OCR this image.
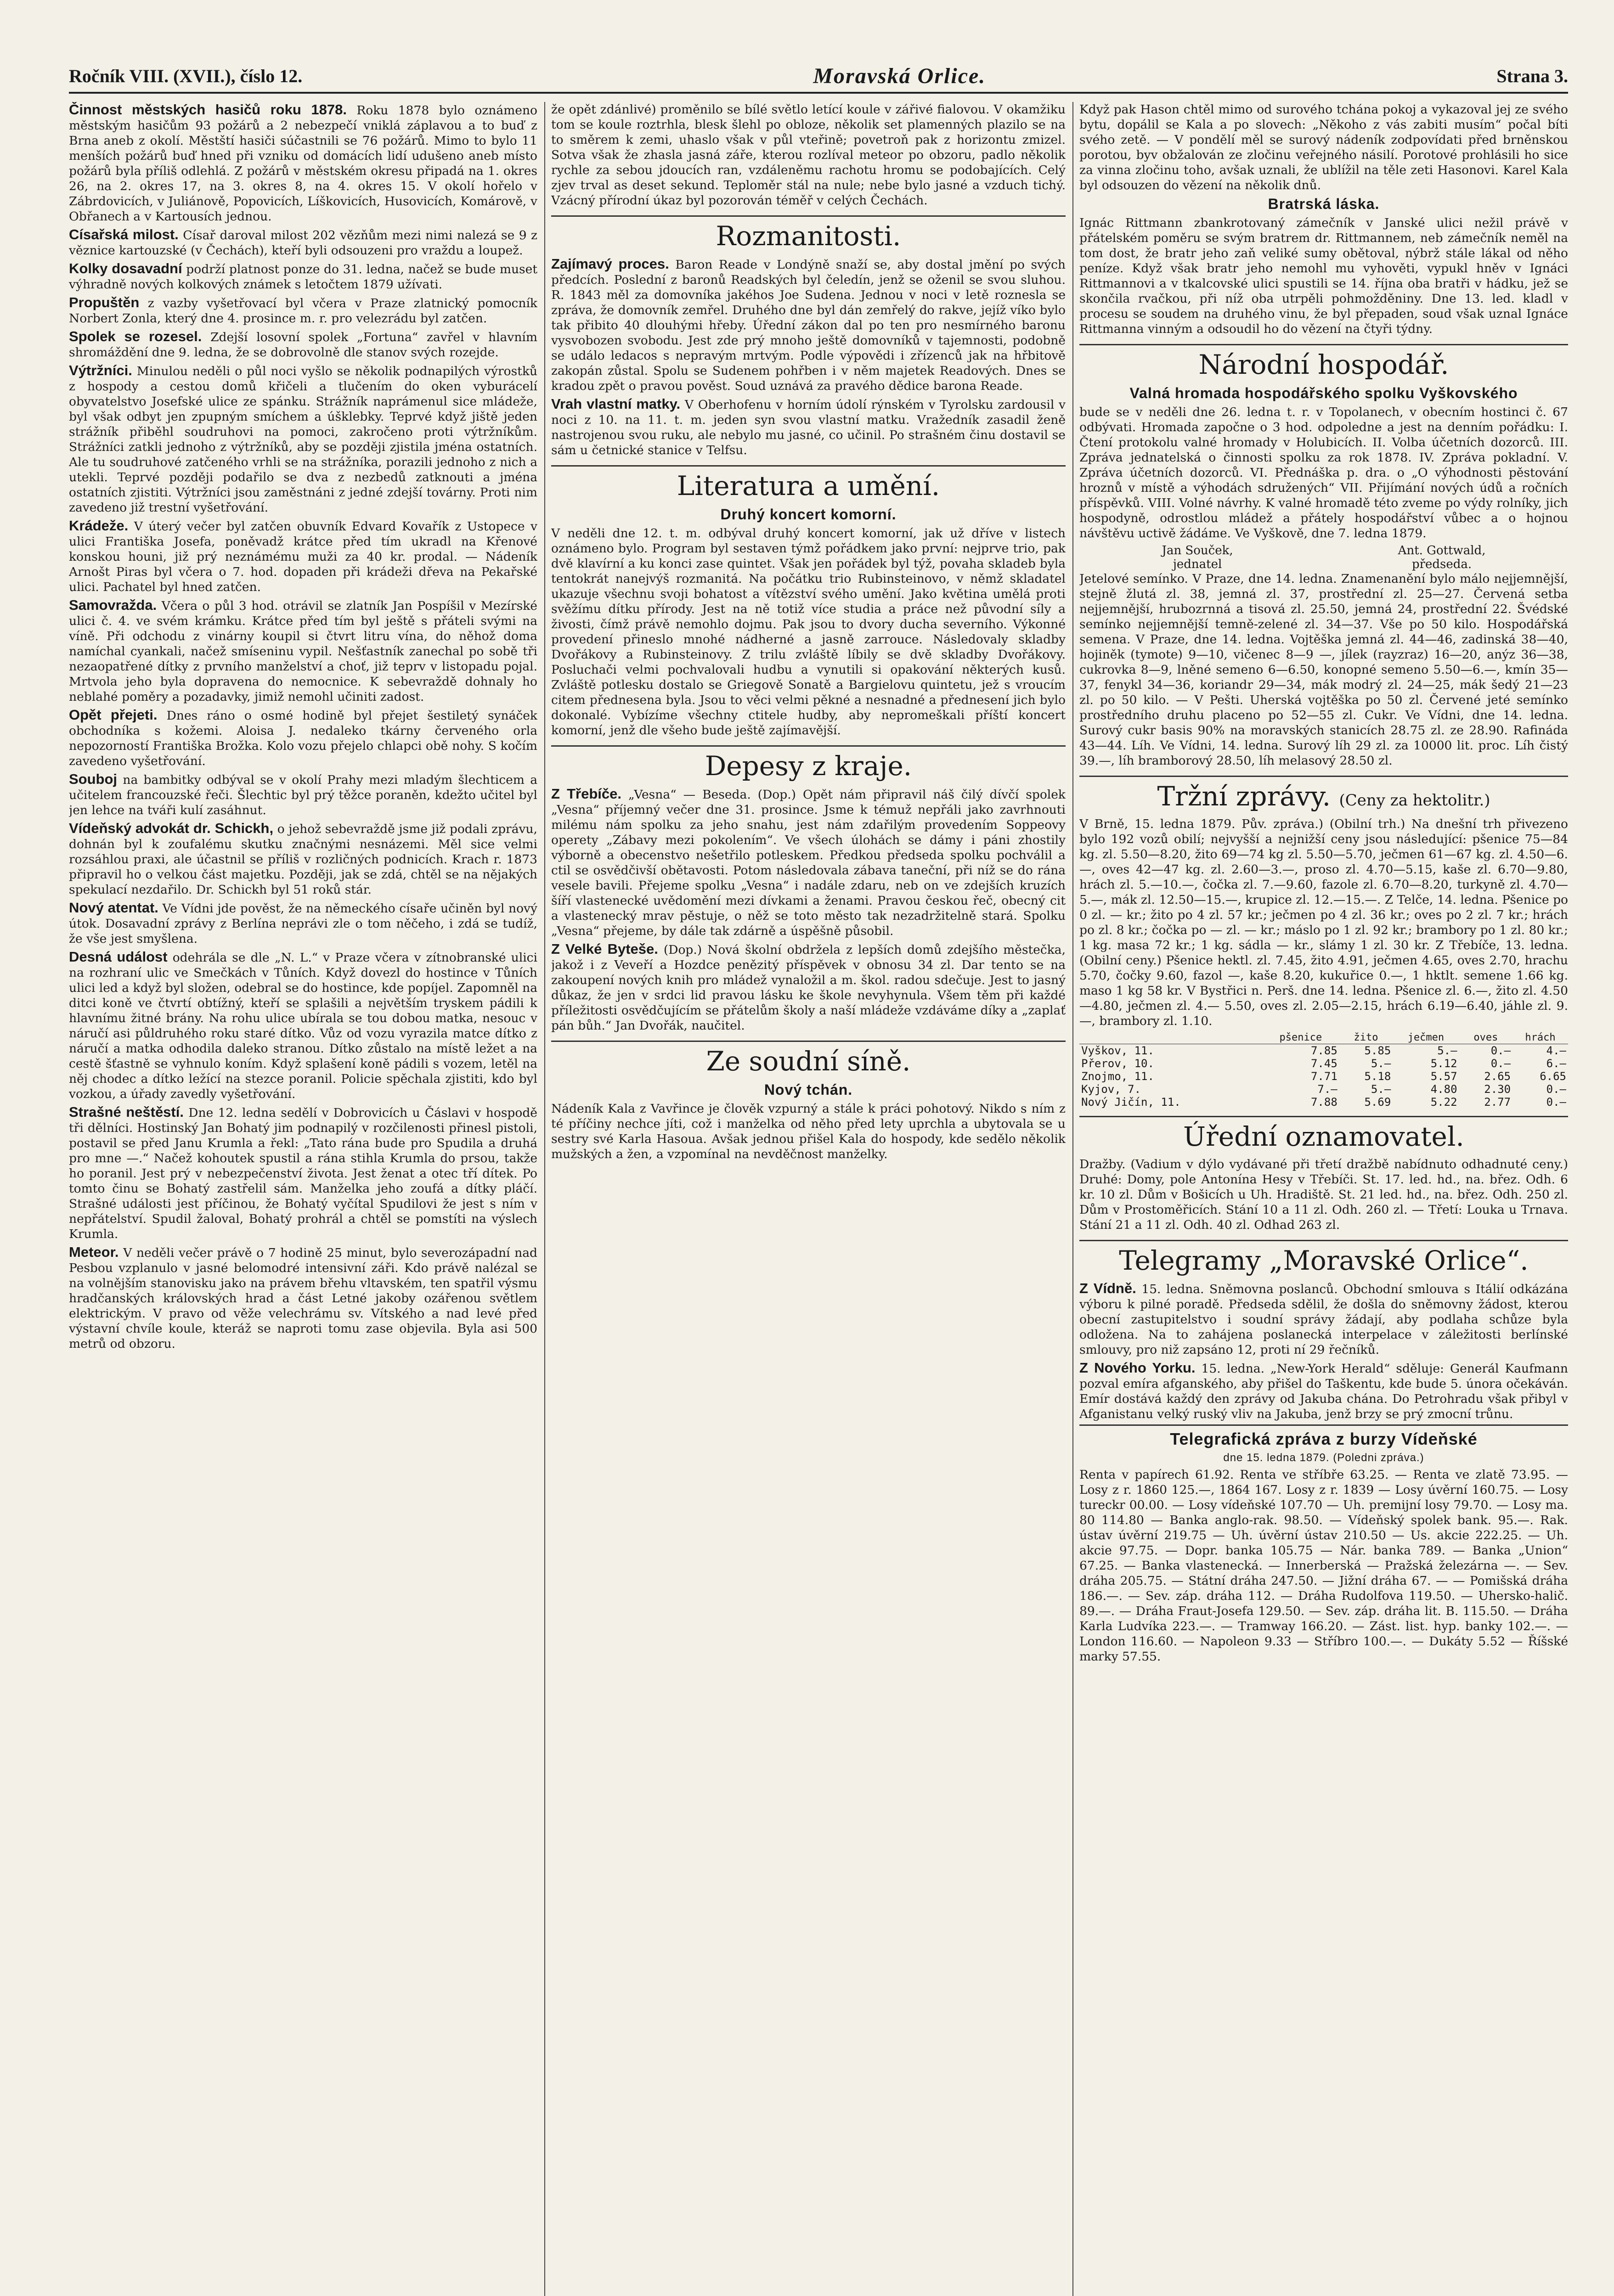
Ročník VIII. (XVII.), číslo 12.	Moravská Orlice.	Strana 3.

Činnost městských hasičů roku 1878. Roku 1878 bylo oznámeno městským hasičům 93 požárů a 2 nebezpečí vniklá záplavou a to buď z Brna aneb z okolí. Městští hasiči súčastnili se 76 požárů. Mimo to bylo 11 menších požárů buď hned při vzniku od domácích lidí udušeno aneb místo požárů byla příliš odlehlá. Z požárů v městském okresu připadá na 1. okres 26, na 2. okres 17, na 3. okres 8, na 4. okres 15. V okolí hořelo v Zábrdovicích, v Juliánově, Popovicích, Líškovicích, Husovicích, Komárově, v Obřanech a v Kartousích jednou.

Císařská milost. Císař daroval milost 202 vězňům mezi nimi nalezá se 9 z věznice kartouzské (v Čechách), kteří byli odsouzeni pro vraždu a loupež.

Kolky dosavadní podrží platnost ponze do 31. ledna, načež se bude muset výhradně nových kolkových známek s letočtem 1879 užívati.

Propuštěn z vazby vyšetřovací byl včera v Praze zlatnický pomocník Norbert Zonla, který dne 4. prosince m. r. pro velezrádu byl zatčen.

Spolek se rozesel. Zdejší losovní spolek „Fortuna“ zavřel v hlavním shromáždění dne 9. ledna, že se dobrovolně dle stanov svých rozejde.

Výtržníci. Minulou neděli o půl noci vyšlo se několik podnapilých výrostků z hospody a cestou domů křičeli a tlučením do oken vyburácelí obyvatelstvo Josefské ulice ze spánku. Strážník naprámenul sice mládeže, byl však odbyt jen zpupným smíchem a úšklebky. Teprvé když jiště jeden strážník přiběhl soudruhovi na pomoci, zakročeno proti výtržníkům. Strážníci zatkli jednoho z výtržníků, aby se později zjistila jména ostatních. Ale tu soudruhové zatčeného vrhli se na strážníka, porazili jednoho z nich a utekli. Teprvé později podařilo se dva z nezbedů zatknouti a jména ostatních zjistiti. Výtržníci jsou zaměstnáni z jedné zdejší továrny. Proti nim zavedeno již trestní vyšetřování.

Krádeže. V úterý večer byl zatčen obuvník Edvard Kovařík z Ustopece v ulici Františka Josefa, poněvadž krátce před tím ukradl na Křenové konskou houni, již prý neznámému muži za 40 kr. prodal. — Nádeník Arnošt Piras byl včera o 7. hod. dopaden při krádeži dřeva na Pekařské ulici. Pachatel byl hned zatčen.

Samovražda. Včera o půl 3 hod. otrávil se zlatník Jan Pospíšil v Mezírské ulici č. 4. ve svém krámku. Krátce před tím byl ještě s přáteli svými na víně. Při odchodu z vinárny koupil si čtvrt litru vína, do něhož doma namíchal cyankali, načež smíseninu vypil. Nešťastník zanechal po sobě tři nezaopatřené dítky z prvního manželství a choť, již teprv v listopadu pojal. Mrtvola jeho byla dopravena do nemocnice. K sebevraždě dohnaly ho neblahé poměry a pozadavky, jimiž nemohl učiniti zadost.

Opět přejeti. Dnes ráno o osmé hodině byl přejet šestiletý synáček obchodníka s kožemi. Aloisa J. nedaleko tkárny červeného orla nepozorností Františka Brožka. Kolo vozu přejelo chlapci obě nohy. S kočím zavedeno vyšetřování.

Souboj na bambitky odbýval se v okolí Prahy mezi mladým šlechticem a učitelem francouzské řeči. Šlechtic byl prý těžce poraněn, kdežto učitel byl jen lehce na tváři kulí zasáhnut.

Vídeňský advokát dr. Schickh, o jehož sebevraždě jsme již podali zprávu, dohnán byl k zoufalému skutku značnými nesnázemi. Měl sice velmi rozsáhlou praxi, ale účastnil se příliš v rozličných podnicích. Krach r. 1873 připravil ho o velkou část majetku. Později, jak se zdá, chtěl se na nějakých spekulací nezdařilo. Dr. Schickh byl 51 roků stár.

Nový atentat. Ve Vídni jde pověst, že na německého císaře učiněn byl nový útok. Dosavadní zprávy z Berlína neprávi zle o tom něčeho, i zdá se tudíž, že vše jest smyšlena.

Desná událost odehrála se dle „N. L.“ v Praze včera v zítnobranské ulici na rozhraní ulic ve Smečkách v Tůních. Když dovezl do hostince v Tůních ulici led a když byl složen, odebral se do hostince, kde popíjel. Zapomněl na ditci koně ve čtvrtí obtížný, kteří se splašili a největším tryskem pádili k hlavnímu žitné brány. Na rohu ulice ubírala se tou dobou matka, nesouc v náručí asi půldruhého roku staré dítko. Vůz od vozu vyrazila matce dítko z náručí a matka odhodila daleko stranou. Dítko zůstalo na místě ležet a na cestě šťastně se vyhnulo koním. Když splašení koně pádili s vozem, letěl na něj chodec a dítko ležící na stezce poranil. Policie spěchala zjistiti, kdo byl vozkou, a úřady zavedly vyšetřování.

Strašné neštěstí. Dne 12. ledna sedělí v Dobrovicích u Čáslavi v hospodě tři dělníci. Hostinský Jan Bohatý jim podnapilý v rozčilenosti přinesl pistoli, postavil se před Janu Krumla a řekl: „Tato rána bude pro Spudila a druhá pro mne —.“ Načež kohoutek spustil a rána stihla Krumla do prsou, takže ho poranil. Jest prý v nebezpečenství života. Jest ženat a otec tří dítek. Po tomto činu se Bohatý zastřelil sám. Manželka jeho zoufá a dítky pláčí. Strašné události jest příčinou, že Bohatý vyčítal Spudilovi že jest s ním v nepřátelství. Spudil žaloval, Bohatý prohrál a chtěl se pomstíti na výslech Krumla.

Meteor. V neděli večer právě o 7 hodině 25 minut, bylo severozápadní nad Pesbou vzplanulo v jasné belomodré intensivní záři. Kdo právě nalézal se na volnějším stanovisku jako na právem břehu vltavském, ten spatřil výsmu hradčanských královských hrad a část Letné jakoby ozářenou světlem elektrickým. V pravo od věže velechrámu sv. Vítského a nad levé před výstavní chvíle koule, kteráž se naproti tomu zase objevila. Byla asi 500 metrů od obzoru.

že opět zdánlivé) proměnilo se bílé světlo letící koule v zářivé fialovou. V okamžiku tom se koule roztrhla, blesk šlehl po obloze, několik set plamenných plazilo se na to směrem k zemi, uhaslo však v půl vteřině; povetroň pak z horizontu zmizel. Sotva však že zhasla jasná záře, kterou rozlíval meteor po obzoru, padlo několik rychle za sebou jdoucích ran, vzdáleněmu rachotu hromu se podobajících. Celý zjev trval as deset sekund. Teploměr stál na nule; nebe bylo jasné a vzduch tichý. Vzácný přírodní úkaz byl pozorován téměř v celých Čechách.

Rozmanitosti.

Zajímavý proces. Baron Reade v Londýně snaží se, aby dostal jmění po svých předcích. Poslední z baronů Readských byl čeledín, jenž se oženil se svou sluhou. R. 1843 měl za domovníka jakéhos Joe Sudena. Jednou v noci v letě roznesla se zpráva, že domovník zemřel. Druhého dne byl dán zemřelý do rakve, jejíž víko bylo tak přibito 40 dlouhými hřeby. Úřední zákon dal po ten pro nesmírného baronu vysvobozen svobodu. Jest zde prý mnoho ještě domovníků v tajemnosti, podobně se událo ledacos s nepravým mrtvým. Podle výpovědi i zřízenců jak na hřbitově zakopán zůstal. Spolu se Sudenem pohřben i v něm majetek Readových. Dnes se kradou zpět o pravou pověst. Soud uznává za pravého dědice barona Reade.

Vrah vlastní matky. V Oberhofenu v horním údolí rýnském v Tyrolsku zardousil v noci z 10. na 11. t. m. jeden syn svou vlastní matku. Vražedník zasadil ženě nastrojenou svou ruku, ale nebylo mu jasné, co učinil. Po strašném činu dostavil se sám u četnické stanice v Telfsu.

Literatura a umění.
Druhý koncert komorní.

V neděli dne 12. t. m. odbýval druhý koncert komorní, jak už dříve v listech oznámeno bylo. Program byl sestaven týmž pořádkem jako první: nejprve trio, pak dvě klavírní a ku konci zase quintet. Však jen pořádek byl týž, povaha skladeb byla tentokrát nanejvýš rozmanitá. Na počátku trio Rubinsteinovo, v němž skladatel ukazuje všechnu svoji bohatost a vítězství svého umění. Jako květina umělá proti svěžímu dítku přírody. Jest na ně totiž více studia a práce než původní síly a živosti, čímž právě nemohlo dojmu. Pak jsou to dvory ducha severního. Výkonné provedení přineslo mnohé nádherné a jasně zarrouce. Následovaly skladby Dvořákovy a Rubinsteinovy. Z trilu zvláště líbily se dvě skladby Dvořákovy. Posluchači velmi pochvalovali hudbu a vynutili si opakování některých kusů. Zvláště potlesku dostalo se Griegově Sonatě a Bargielovu quintetu, jež s vroucím citem přednesena byla. Jsou to věci velmi pěkné a nesnadné a přednesení jich bylo dokonalé. Vybízíme všechny ctitele hudby, aby nepromeškali příští koncert komorní, jenž dle všeho bude ještě zajímavější.

Depesy z kraje.

Z Třebíče. „Vesna“ — Beseda. (Dop.) Opět nám připravil náš čilý dívčí spolek „Vesna“ příjemný večer dne 31. prosince. Jsme k témuž nepřáli jako zavrhnouti milému nám spolku za jeho snahu, jest nám zdařilým provedením Soppeovy operety „Zábavy mezi pokolením“. Ve všech úlohách se dámy i páni zhostily výborně a obecenstvo nešetřilo potleskem. Předkou předseda spolku pochválil a ctil se osvědčivší obětavosti. Potom následovala zábava taneční, při níž se do rána vesele bavili. Přejeme spolku „Vesna“ i nadále zdaru, neb on ve zdejších kruzích šíří vlastenecké uvědomění mezi dívkami a ženami. Pravou českou řeč, obecný cit a vlastenecký mrav pěstuje, o něž se toto město tak nezadržitelně stará. Spolku „Vesna“ přejeme, by dále tak zdárně a úspěšně působil.

Z Velké Byteše. (Dop.) Nová školní obdržela z lepších domů zdejšího městečka, jakož i z Veveří a Hozdce penězitý příspěvek v obnosu 34 zl. Dar tento se na zakoupení nových knih pro mládež vynaložil a m. škol. radou sdečuje. Jest to jasný důkaz, že jen v srdci lid pravou lásku ke škole nevyhynula. Všem těm při každé příležitosti osvědčujícím se přátelům školy a naší mládeže vzdáváme díky a „zaplať pán bůh.“ Jan Dvořák, naučitel.

Ze soudní síně.
Nový tchán.

Nádeník Kala z Vavřince je člověk vzpurný a stále k práci pohotový. Nikdo s ním z té příčiny nechce jíti, což i manželka od něho před lety uprchla a ubytovala se u sestry své Karla Hasoua. Avšak jednou přišel Kala do hospody, kde sedělo několik mužských a žen, a vzpomínal na nevděčnost manželky.

Když pak Hason chtěl mimo od surového tchána pokoj a vykazoval jej ze svého bytu, dopálil se Kala a po slovech: „Někoho z vás zabiti musím“ počal bíti svého zetě. — V pondělí měl se surový nádeník zodpovídati před brněnskou porotou, byv obžalován ze zločinu veřejného násilí. Porotové prohlásili ho sice za vinna zločinu toho, avšak uznali, že ublížil na těle zeti Hasonovi. Karel Kala byl odsouzen do vězení na několik dnů.

Bratrská láska.

Ignác Rittmann zbankrotovaný zámečník v Janské ulici nežil právě v přátelském poměru se svým bratrem dr. Rittmannem, neb zámečník neměl na tom dost, že bratr jeho zaň veliké sumy obětoval, nýbrž stále lákal od něho peníze. Když však bratr jeho nemohl mu vyhověti, vypukl hněv v Ignáci Rittmannovi a v tkalcovské ulici spustili se 14. října oba bratři v hádku, jež se skončila rvačkou, při níž oba utrpěli pohmožděniny. Dne 13. led. kladl v procesu se soudem na druhého vinu, že byl přepaden, soud však uznal Ignáce Rittmanna vinným a odsoudil ho do vězení na čtyři týdny.

Národní hospodář.
Valná hromada hospodářského spolku Vyškovského

bude se v neděli dne 26. ledna t. r. v Topolanech, v obecním hostinci č. 67 odbývati. Hromada započne o 3 hod. odpoledne a jest na denním pořádku: I. Čtení protokolu valné hromady v Holubicích. II. Volba účetních dozorců. III. Zpráva jednatelská o činnosti spolku za rok 1878. IV. Zpráva pokladní. V. Zpráva účetních dozorců. VI. Přednáška p. dra. o „O výhodnosti pěstování hroznů v místě a výhodách sdružených“ VII. Přijímání nových údů a ročních příspěvků. VIII. Volné návrhy. K valné hromadě této zveme po výdy rolníky, jich hospodyně, odrostlou mládež a přátely hospodářství vůbec a o hojnou návštěvu uctivě žádáme. Ve Vyškově, dne 7. ledna 1879.

Jan Souček,
jednatel
Ant. Gottwald,
předseda.

Jetelové semínko. V Praze, dne 14. ledna. Znamenanění bylo málo nejjemnější, stejně žlutá zl. 38, jemná zl. 37, prostřední zl. 25—27. Červená setba nejjemnější, hrubozrnná a tisová zl. 25.50, jemná 24, prostřední 22. Švédské semínko nejjemnější temně-zelené zl. 34—37. Vše po 50 kilo. Hospodářská semena. V Praze, dne 14. ledna. Vojtěška jemná zl. 44—46, zadinská 38—40, hojiněk (tymote) 9—10, vičenec 8—9 —, jílek (rayzraz) 16—20, anýz 36—38, cukrovka 8—9, lněné semeno 6—6.50, konopné semeno 5.50—6.—, kmín 35—37, fenykl 34—36, koriandr 29—34, mák modrý zl. 24—25, mák šedý 21—23 zl. po 50 kilo. — V Pešti. Uherská vojtěška po 50 zl. Červené jeté semínko prostředního druhu placeno po 52—55 zl. Cukr. Ve Vídni, dne 14. ledna. Surový cukr basis 90% na moravských stanicích 28.75 zl. ze 28.90. Rafináda 43—44. Líh. Ve Vídni, 14. ledna. Surový líh 29 zl. za 10000 lit. proc. Líh čistý 39.—, líh bramborový 28.50, líh melasový 28.50 zl.

Tržní zprávy. (Ceny za hektolitr.)

V Brně, 15. ledna 1879. Pův. zpráva.) (Obilní trh.) Na dnešní trh přivezeno bylo 192 vozů obilí; nejvyšší a nejnižší ceny jsou následující: pšenice 75—84 kg. zl. 5.50—8.20, žito 69—74 kg zl. 5.50—5.70, ječmen 61—67 kg. zl. 4.50—6.—, oves 42—47 kg. zl. 2.60—3.—, proso zl. 4.70—5.15, kaše zl. 6.70—9.80, hrách zl. 5.—10.—, čočka zl. 7.—9.60, fazole zl. 6.70—8.20, turkyně zl. 4.70—5.—, mák zl. 12.50—15.—, krupice zl. 12.—15.—. Z Telče, 14. ledna. Pšenice po 0 zl. — kr.; žito po 4 zl. 57 kr.; ječmen po 4 zl. 36 kr.; oves po 2 zl. 7 kr.; hrách po zl. 8 kr.; čočka po — zl. — kr.; máslo po 1 zl. 92 kr.; brambory po 1 zl. 80 kr.; 1 kg. masa 72 kr.; 1 kg. sádla — kr., slámy 1 zl. 30 kr. Z Třebíče, 13. ledna. (Obilní ceny.) Pšenice hektl. zl. 7.45, žito 4.91, ječmen 4.65, oves 2.70, hrachu 5.70, čočky 9.60, fazol —, kaše 8.20, kukuřice 0.—, 1 hktlt. semene 1.66 kg. maso 1 kg 58 kr. V Bystřici n. Perš. dne 14. ledna. Pšenice zl. 6.—, žito zl. 4.50—4.80, ječmen zl. 4.— 5.50, oves zl. 2.05—2.15, hrách 6.19—6.40, jáhle zl. 9.—, brambory zl. 1.10.

	pšenice	žito	ječmen	oves	hrách
Vyškov, 11.	7.85	5.85	5.—	0.—	4.—
Přerov, 10.	7.45	5.—	5.12	0.—	6.—
Znojmo, 11.	7.71	5.18	5.57	2.65	6.65
Kyjov, 7.	7.—	5.—	4.80	2.30	0.—
Nový Jičín, 11.	7.88	5.69	5.22	2.77	0.—
Úřední oznamovatel.

Dražby. (Vadium v dýlo vydávané při třetí dražbě nabídnuto odhadnuté ceny.) Druhé: Domy, pole Antonína Hesy v Třebíči. St. 17. led. hd., na. břez. Odh. 6 kr. 10 zl. Dům v Bošicích u Uh. Hradiště. St. 21 led. hd., na. břez. Odh. 250 zl. Dům v Prostoměřicích. Stání 10 a 11 zl. Odh. 260 zl. — Třetí: Louka u Trnava. Stání 21 a 11 zl. Odh. 40 zl. Odhad 263 zl.

Telegramy „Moravské Orlice“.

Z Vídně. 15. ledna. Sněmovna poslanců. Obchodní smlouva s Itálií odkázána výboru k pilné poradě. Předseda sdělil, že došla do sněmovny žádost, kterou obecní zastupitelstvo i soudní správy žádají, aby podlaha schůze byla odložena. Na to zahájena poslanecká interpelace v záležitosti berlínské smlouvy, pro niž zapsáno 12, proti ní 29 řečníků.

Z Nového Yorku. 15. ledna. „New-York Herald“ sděluje: Generál Kaufmann pozval emíra afganského, aby přišel do Taškentu, kde bude 5. února očekáván. Emír dostává každý den zprávy od Jakuba chána. Do Petrohradu však přibyl v Afganistanu velký ruský vliv na Jakuba, jenž brzy se prý zmocní trůnu.

Telegrafická zpráva z burzy Vídeňské
dne 15. ledna 1879. (Poledni zpráva.)

Renta v papírech 61.92. Renta ve stříbře 63.25. — Renta ve zlatě 73.95. — Losy z r. 1860 125.—, 1864 167. Losy z r. 1839 — Losy úvěrní 160.75. — Losy tureckr 00.00. — Losy vídeňské 107.70 — Uh. premijní losy 79.70. — Losy ma. 80 114.80 — Banka anglo-rak. 98.50. — Vídeňský spolek bank. 95.—. Rak. ústav úvěrní 219.75 — Uh. úvěrní ústav 210.50 — Us. akcie 222.25. — Uh. akcie 97.75. — Dopr. banka 105.75 — Nár. banka 789. — Banka „Union“ 67.25. — Banka vlastenecká. — Innerberská — Pražská železárna —. — Sev. dráha 205.75. — Státní dráha 247.50. — Jižní dráha 67. — — Pomišská dráha 186.—. — Sev. záp. dráha 112. — Dráha Rudolfova 119.50. — Uhersko-halič. 89.—. — Dráha Fraut-Josefa 129.50. — Sev. záp. dráha lit. B. 115.50. — Dráha Karla Ludvíka 223.—. — Tramway 166.20. — Zást. list. hyp. banky 102.—. — London 116.60. — Napoleon 9.33 — Stříbro 100.—. — Dukáty 5.52 — Říšské marky 57.55.
